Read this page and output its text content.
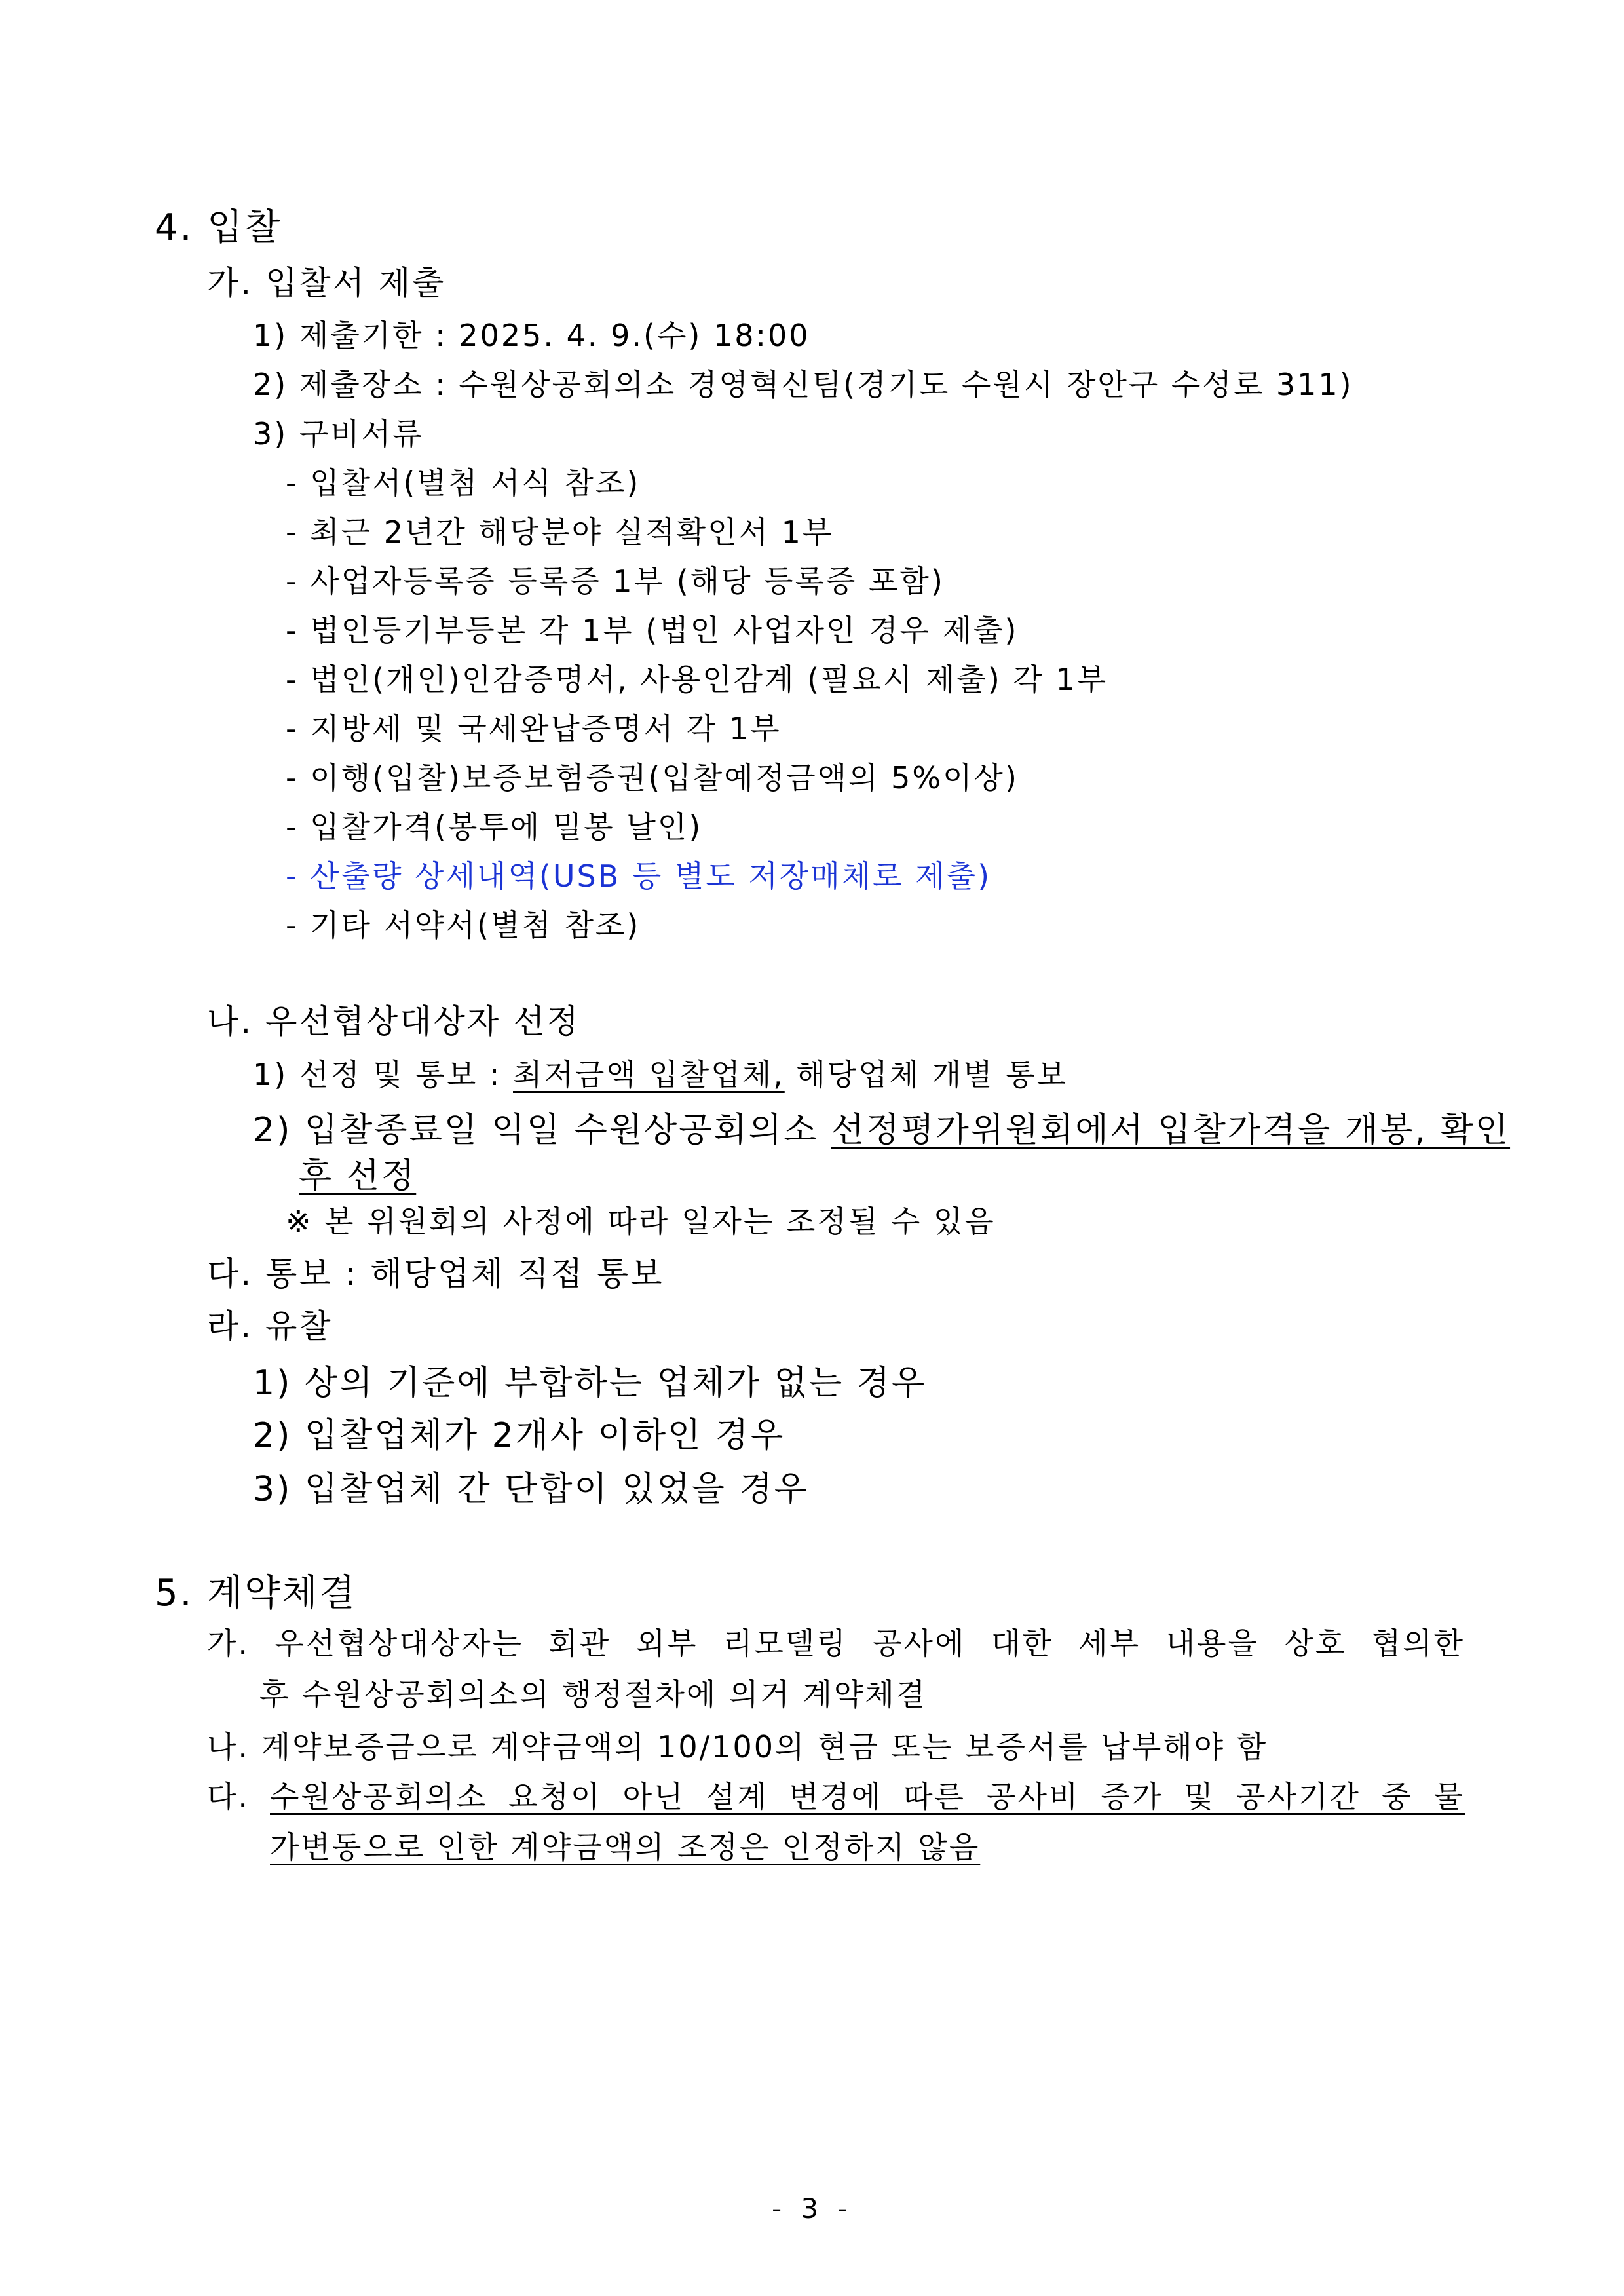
4. 입찰
가. 입찰서 제출
1) 제출기한 : 2025. 4. 9.(수) 18:00
2) 제출장소 : 수원상공회의소 경영혁신팀(경기도 수원시 장안구 수성로 311)
3) 구비서류
- 입찰서(별첨 서식 참조)
- 최근 2년간 해당분야 실적확인서 1부
- 사업자등록증 등록증 1부 (해당 등록증 포함)
- 법인등기부등본 각 1부 (법인 사업자인 경우 제출)
- 법인(개인)인감증명서, 사용인감계 (필요시 제출) 각 1부
- 지방세 및 국세완납증명서 각 1부
- 이행(입찰)보증보험증권(입찰예정금액의 5%이상)
- 입찰가격(봉투에 밀봉 날인)
- 산출량 상세내역(USB 등 별도 저장매체로 제출)
- 기타 서약서(별첨 참조)
나. 우선협상대상자 선정
1) 선정 및 통보 : 최저금액 입찰업체, 해당업체 개별 통보
2) 입찰종료일 익일 수원상공회의소 선정평가위원회에서 입찰가격을 개봉, 확인
후 선정
※ 본 위원회의 사정에 따라 일자는 조정될 수 있음
다. 통보 : 해당업체 직접 통보
라. 유찰
1) 상의 기준에 부합하는 업체가 없는 경우
2) 입찰업체가 2개사 이하인 경우
3) 입찰업체 간 단합이 있었을 경우
5. 계약체결
가. 우선협상대상자는 회관 외부 리모델링 공사에 대한 세부 내용을 상호 협의한
후 수원상공회의소의 행정절차에 의거 계약체결
나. 계약보증금으로 계약금액의 10/100의 현금 또는 보증서를 납부해야 함
다. 수원상공회의소 요청이 아닌 설계 변경에 따른 공사비 증가 및 공사기간 중 물
가변동으로 인한 계약금액의 조정은 인정하지 않음
- 3 -
